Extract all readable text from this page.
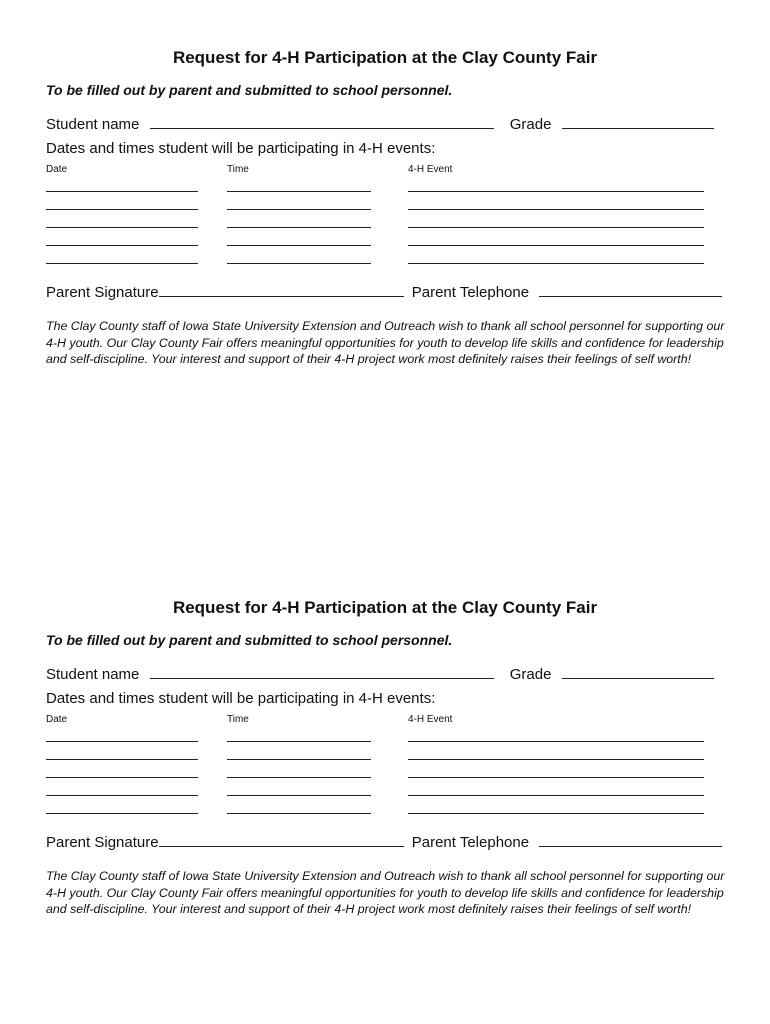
Request for 4-H Participation at the Clay County Fair
To be filled out by parent and submitted to school personnel.
Student name	Grade
Dates and times student will be participating in 4-H events:
Date	Time	4-H Event
Parent Signature	Parent Telephone
The Clay County staff of Iowa State University Extension and Outreach wish to thank all school personnel for supporting our 4-H youth. Our Clay County Fair offers meaningful opportunities for youth to develop life skills and confidence for leadership and self-discipline. Your interest and support of their 4-H project work most definitely raises their feelings of self worth!
Request for 4-H Participation at the Clay County Fair
To be filled out by parent and submitted to school personnel.
Student name	Grade
Dates and times student will be participating in 4-H events:
Date	Time	4-H Event
Parent Signature	Parent Telephone
The Clay County staff of Iowa State University Extension and Outreach wish to thank all school personnel for supporting our 4-H youth. Our Clay County Fair offers meaningful opportunities for youth to develop life skills and confidence for leadership and self-discipline. Your interest and support of their 4-H project work most definitely raises their feelings of self worth!
